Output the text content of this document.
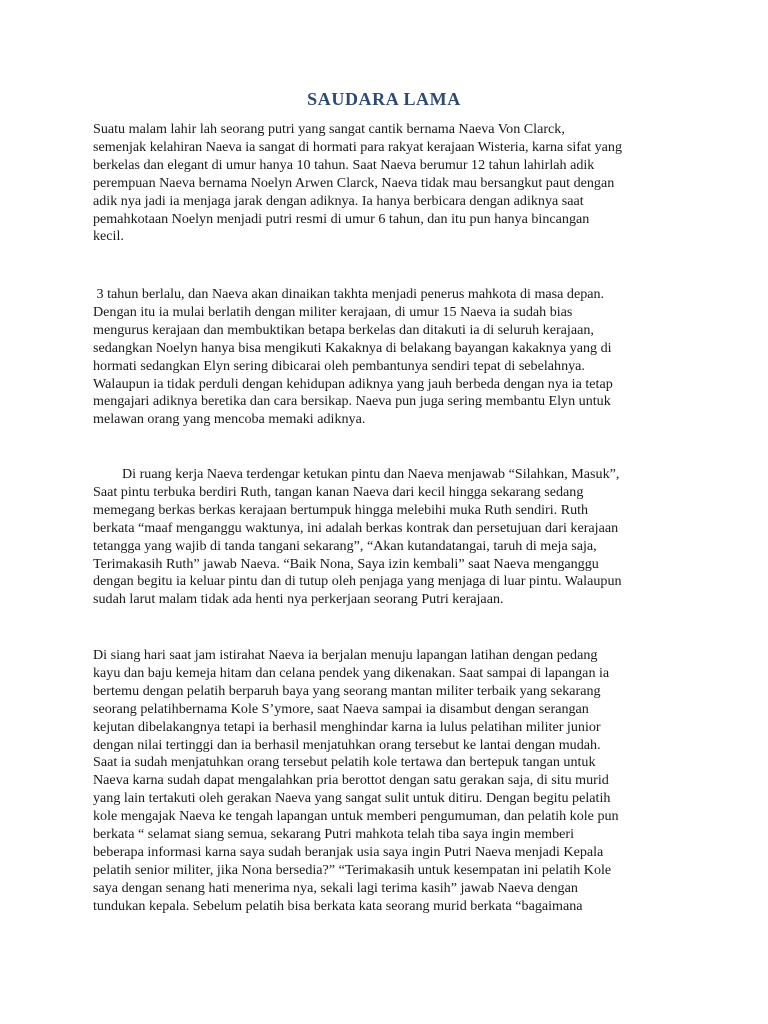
SAUDARA LAMA
Suatu malam lahir lah seorang putri yang sangat cantik bernama Naeva Von Clarck,
semenjak kelahiran Naeva ia sangat di hormati para rakyat kerajaan Wisteria, karna sifat yang
berkelas dan elegant di umur hanya 10 tahun. Saat Naeva berumur 12 tahun lahirlah adik
perempuan Naeva bernama Noelyn Arwen Clarck, Naeva tidak mau bersangkut paut dengan
adik nya jadi ia menjaga jarak dengan adiknya. Ia hanya berbicara dengan adiknya saat
pemahkotaan Noelyn menjadi putri resmi di umur 6 tahun, dan itu pun hanya bincangan
kecil.
3 tahun berlalu, dan Naeva akan dinaikan takhta menjadi penerus mahkota di masa depan.
Dengan itu ia mulai berlatih dengan militer kerajaan, di umur 15 Naeva ia sudah bias
mengurus kerajaan dan membuktikan betapa berkelas dan ditakuti ia di seluruh kerajaan,
sedangkan Noelyn hanya bisa mengikuti Kakaknya di belakang bayangan kakaknya yang di
hormati sedangkan Elyn sering dibicarai oleh pembantunya sendiri tepat di sebelahnya.
Walaupun ia tidak perduli dengan kehidupan adiknya yang jauh berbeda dengan nya ia tetap
mengajari adiknya beretika dan cara bersikap. Naeva pun juga sering membantu Elyn untuk
melawan orang yang mencoba memaki adiknya.
Di ruang kerja Naeva terdengar ketukan pintu dan Naeva menjawab “Silahkan, Masuk”,
Saat pintu terbuka berdiri Ruth, tangan kanan Naeva dari kecil hingga sekarang sedang
memegang berkas berkas kerajaan bertumpuk hingga melebihi muka Ruth sendiri. Ruth
berkata “maaf menganggu waktunya, ini adalah berkas kontrak dan persetujuan dari kerajaan
tetangga yang wajib di tanda tangani sekarang”, “Akan kutandatangai, taruh di meja saja,
Terimakasih Ruth” jawab Naeva. “Baik Nona, Saya izin kembali” saat Naeva menganggu
dengan begitu ia keluar pintu dan di tutup oleh penjaga yang menjaga di luar pintu. Walaupun
sudah larut malam tidak ada henti nya perkerjaan seorang Putri kerajaan.
Di siang hari saat jam istirahat Naeva ia berjalan menuju lapangan latihan dengan pedang
kayu dan baju kemeja hitam dan celana pendek yang dikenakan. Saat sampai di lapangan ia
bertemu dengan pelatih berparuh baya yang seorang mantan militer terbaik yang sekarang
seorang pelatihbernama Kole S’ymore, saat Naeva sampai ia disambut dengan serangan
kejutan dibelakangnya tetapi ia berhasil menghindar karna ia lulus pelatihan militer junior
dengan nilai tertinggi dan ia berhasil menjatuhkan orang tersebut ke lantai dengan mudah.
Saat ia sudah menjatuhkan orang tersebut pelatih kole tertawa dan bertepuk tangan untuk
Naeva karna sudah dapat mengalahkan pria berottot dengan satu gerakan saja, di situ murid
yang lain tertakuti oleh gerakan Naeva yang sangat sulit untuk ditiru. Dengan begitu pelatih
kole mengajak Naeva ke tengah lapangan untuk memberi pengumuman, dan pelatih kole pun
berkata “ selamat siang semua, sekarang Putri mahkota telah tiba saya ingin memberi
beberapa informasi karna saya sudah beranjak usia saya ingin Putri Naeva menjadi Kepala
pelatih senior militer, jika Nona bersedia?” “Terimakasih untuk kesempatan ini pelatih Kole
saya dengan senang hati menerima nya, sekali lagi terima kasih” jawab Naeva dengan
tundukan kepala. Sebelum pelatih bisa berkata kata seorang murid berkata “bagaimana
